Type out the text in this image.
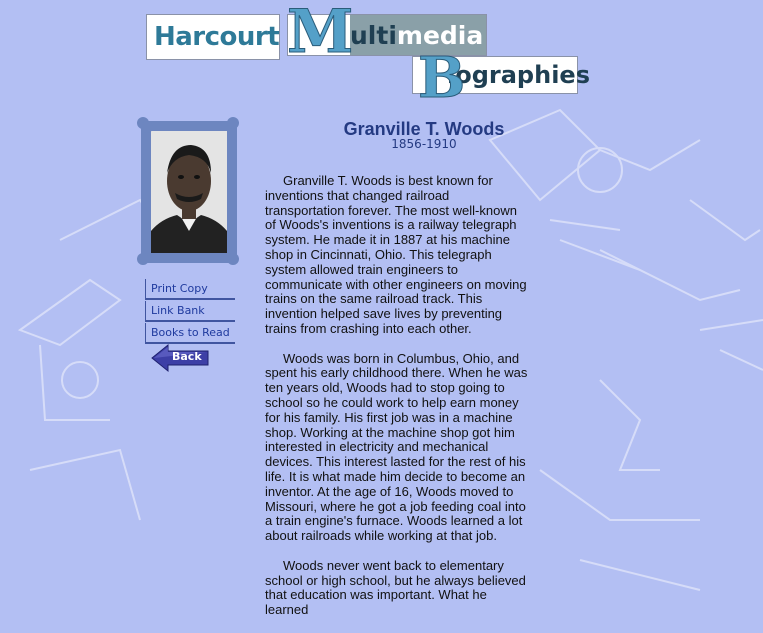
Harcourt	ultimedia
M
iographies
B
Print Copy
Link Bank
Books to Read
Back
Granville T. Woods
1856-1910

Granville T. Woods is best known for inventions that changed railroad transportation forever. The most well-known of Woods's inventions is a railway telegraph system. He made it in 1887 at his machine shop in Cincinnati, Ohio. This telegraph system allowed train engineers to communicate with other engineers on moving trains on the same railroad track. This invention helped save lives by preventing trains from crashing into each other.

Woods was born in Columbus, Ohio, and spent his early childhood there. When he was ten years old, Woods had to stop going to school so he could work to help earn money for his family. His first job was in a machine shop. Working at the machine shop got him interested in electricity and mechanical devices. This interest lasted for the rest of his life. It is what made him decide to become an inventor. At the age of 16, Woods moved to Missouri, where he got a job feeding coal into a train engine's furnace. Woods learned a lot about railroads while working at that job.

Woods never went back to elementary school or high school, but he always believed that education was important. What he learned
